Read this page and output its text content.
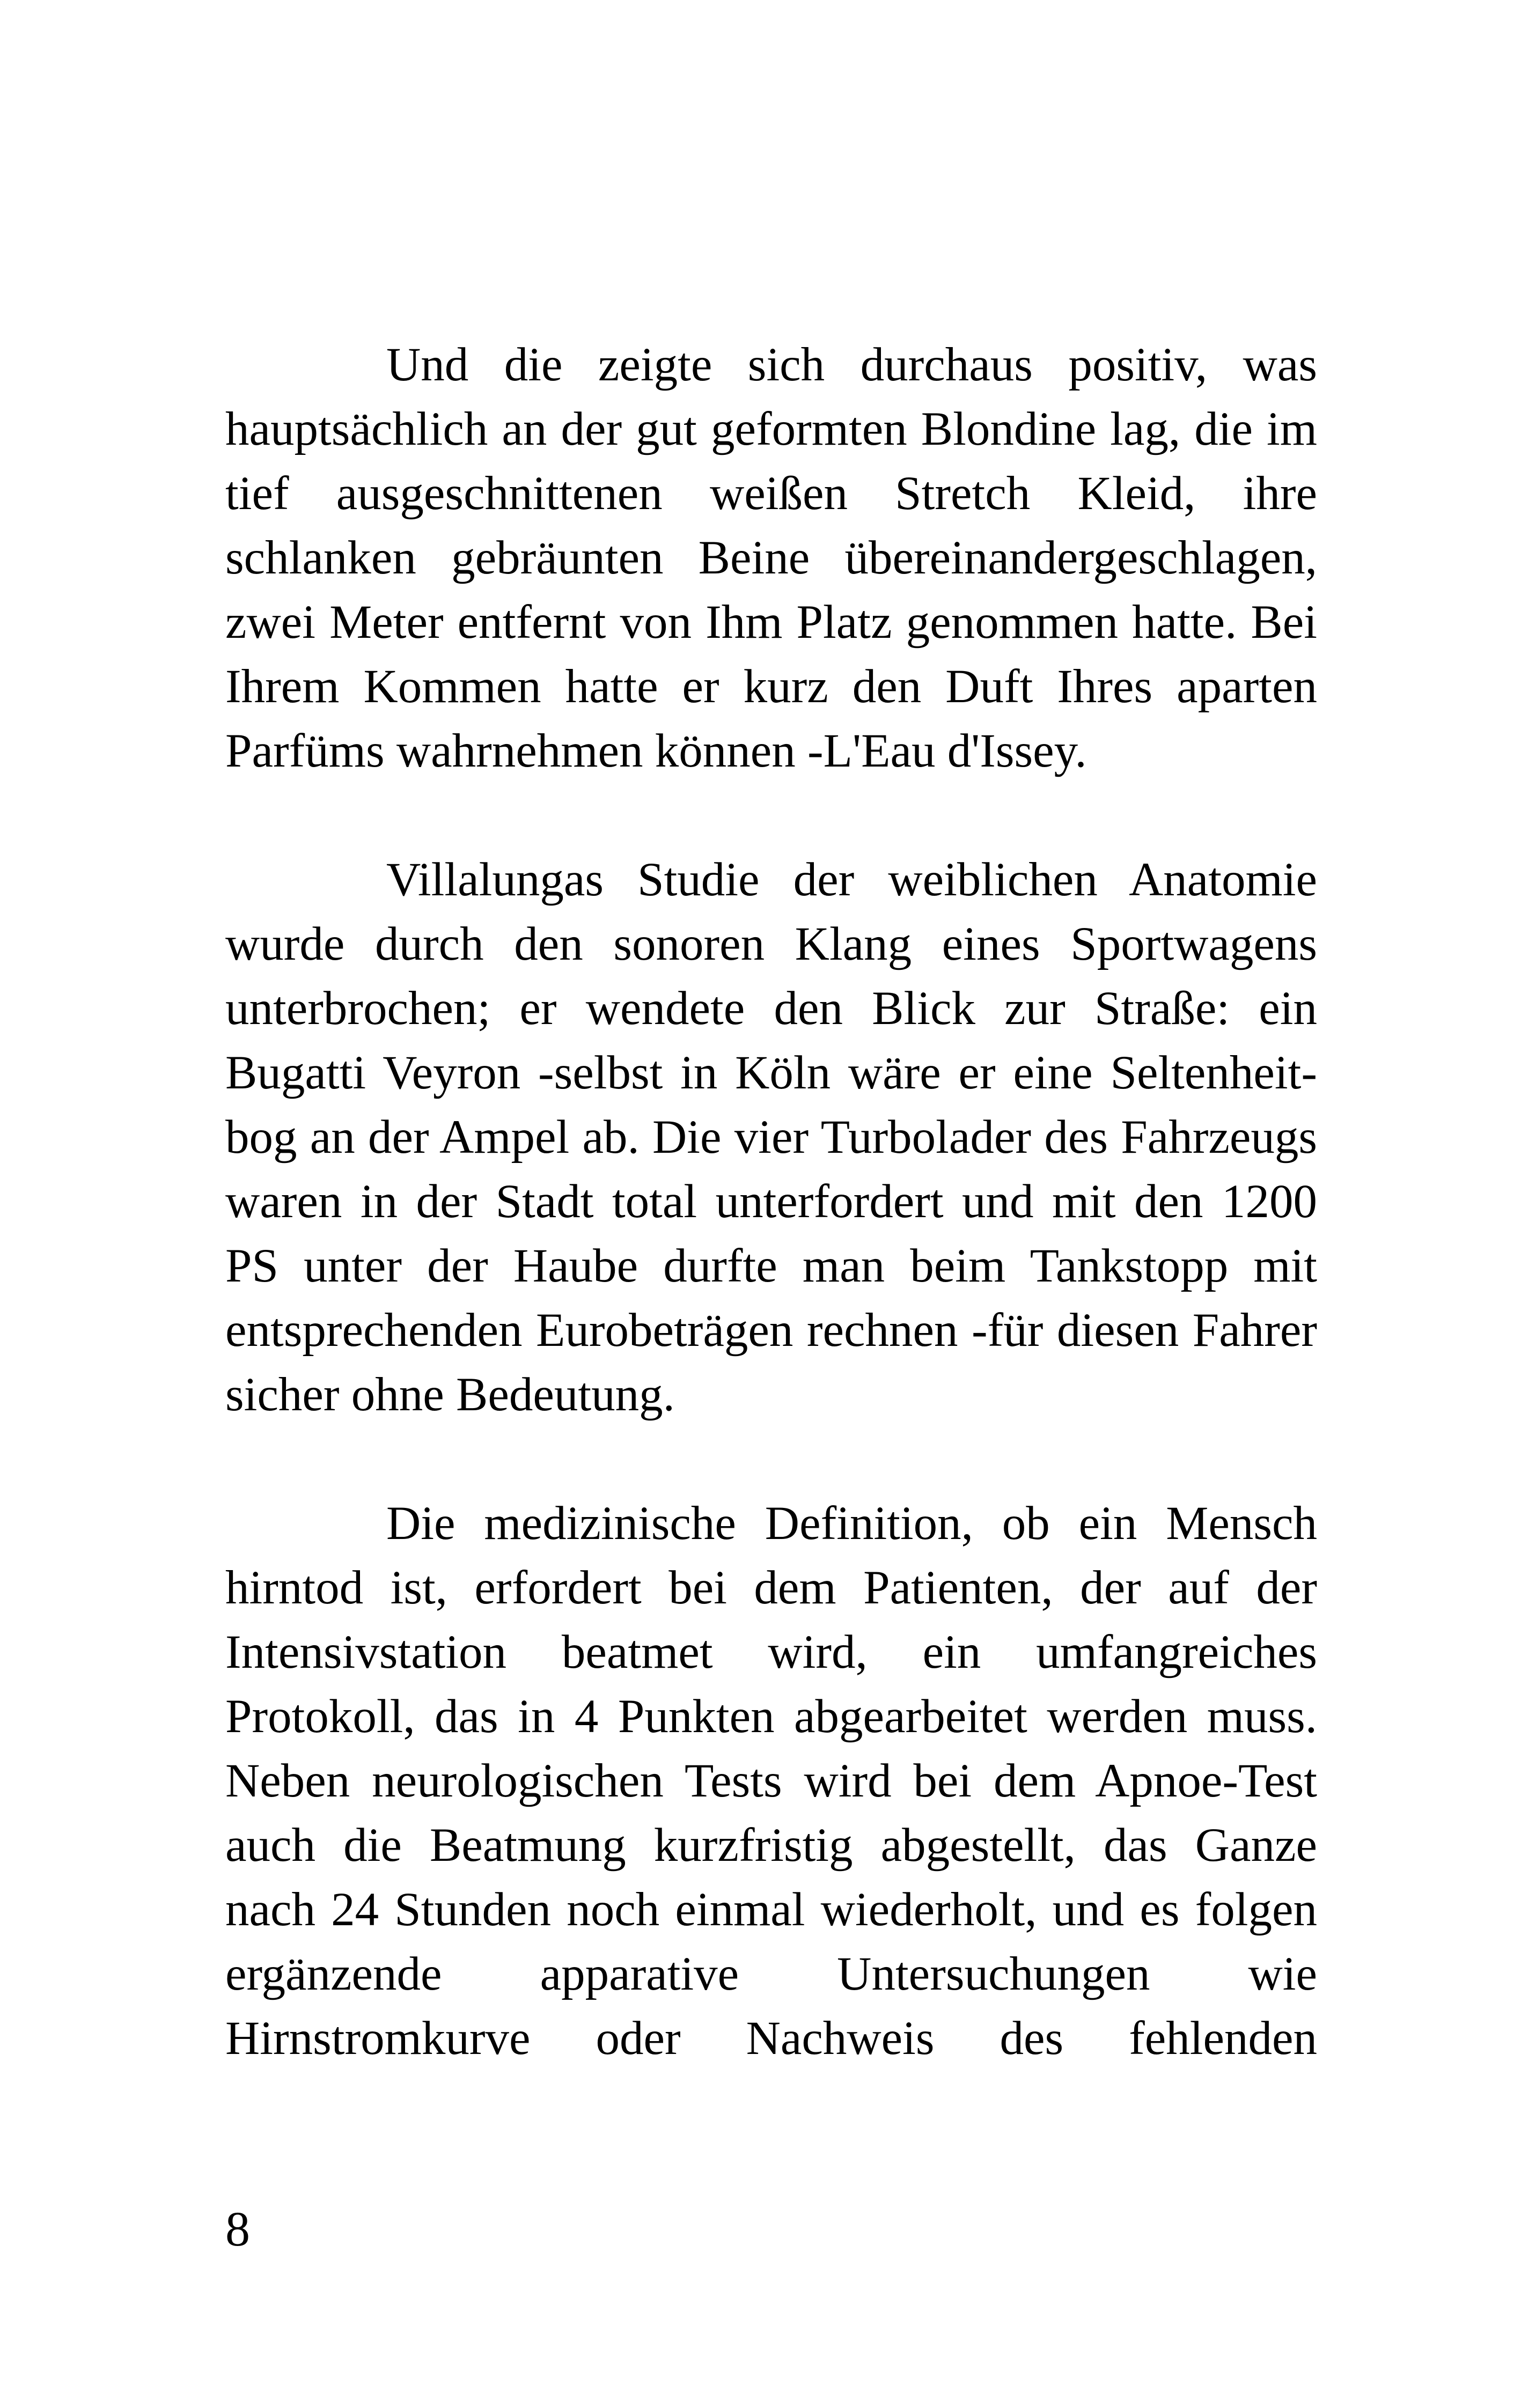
Und die zeigte sich durchaus positiv, was hauptsächlich an der gut geformten Blondine lag, die im tief ausgeschnittenen weißen Stretch Kleid, ihre schlanken gebräunten Beine übereinandergeschlagen, zwei Meter entfernt von Ihm Platz genommen hatte. Bei Ihrem Kommen hatte er kurz den Duft Ihres aparten Parfüms wahrnehmen können -L'Eau d'Issey.

Villalungas Studie der weiblichen Anatomie wurde durch den sonoren Klang eines Sportwagens unterbrochen; er wendete den Blick zur Straße: ein Bugatti Veyron -selbst in Köln wäre er eine Seltenheit-bog an der Ampel ab. Die vier Turbolader des Fahrzeugs waren in der Stadt total unterfordert und mit den 1200 PS unter der Haube durfte man beim Tankstopp mit entsprechenden Eurobeträgen rechnen -für diesen Fahrer sicher ohne Bedeutung.

Die medizinische Definition, ob ein Mensch hirntod ist, erfordert bei dem Patienten, der auf der Intensivstation beatmet wird, ein umfangreiches Protokoll, das in 4 Punkten abgearbeitet werden muss. Neben neurologischen Tests wird bei dem Apnoe-Test auch die Beatmung kurzfristig abgestellt, das Ganze nach 24 Stunden noch einmal wiederholt, und es folgen ergänzende apparative Untersuchungen wie Hirnstromkurve oder Nachweis des fehlenden

8
